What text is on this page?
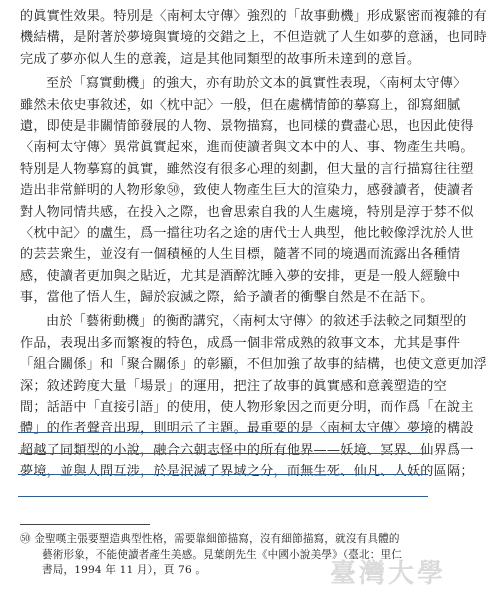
的眞實性效果。特別是〈南柯太守傳〉強烈的「故事動機」形成緊密而複雜的有
機結構，是附著於夢境與實境的交錯之上，不但造就了人生如夢的意涵，也同時
完成了夢亦似人生的意義，這是其他同類型的故事所未達到的意旨。
至於「寫實動機」的強大，亦有助於文本的眞實性表現，〈南柯太守傳〉
雖然未依史事敘述，如〈枕中記〉一般，但在處構情節的摹寫上，卻寫細膩
遺，即使是非關情節發展的人物、景物描寫，也同樣的費盡心思，也因此使得
〈南柯太守傳〉異常眞實起來，進而使讀者與文本中的人、事、物產生共鳴。
特別是人物摹寫的眞實，雖然沒有很多心理的刻劃，但大量的言行描寫往往塑
造出非常鮮明的人物形象㊿，致使人物產生巨大的渲染力，感發讀者，使讀者
對人物同情共感，在投入之際，也會思索自我的人生處境，特別是淳于棼不似
〈枕中記〉的盧生，爲一擋往功名之途的唐代士人典型，他比較像浮沈於人世
的芸芸衆生，並沒有一個積極的人生目標，隨著不同的境遇而流露出各種情
感，使讀者更加與之貼近，尤其是酒醉沈睡入夢的安排，更是一般人經驗中
事，當他了悟人生，歸於寂滅之際，給予讀者的衝擊自然是不在話下。
由於「藝術動機」的衡酌講究，〈南柯太守傳〉的敘述手法較之同類型的
作品，表現出多而繁複的特色，成爲一個非常成熟的敘事文本，尤其是事件
「組合關係」和「聚合關係」的彰顯，不但加強了故事的結構，也使文意更加浮
深；敘述跨度大量「場景」的運用，把注了故事的眞實感和意義塑造的空
間；話語中「直接引語」的使用，使人物形象因之而更分明，而作爲「在說主
體」的作者聲音出現，則明示了主題。最重要的是〈南柯太守傳〉夢境的構設
超越了同類型的小說，融合六朝志怪中的所有他界——妖境、冥界、仙界爲一
夢境，並與人間互涉，於是泯滅了界域之分，而無生死、仙凡、人妖的區隔；
㊿ 金聖嘆主張要塑造典型性格，需要靠細節描寫，沒有細節描寫，就沒有具體的
藝術形象，不能使讀者產生美感。見葉朗先生《中國小說美學》（臺北：里仁
書局，1994 年 11 月），頁 76 。	臺灣大學
